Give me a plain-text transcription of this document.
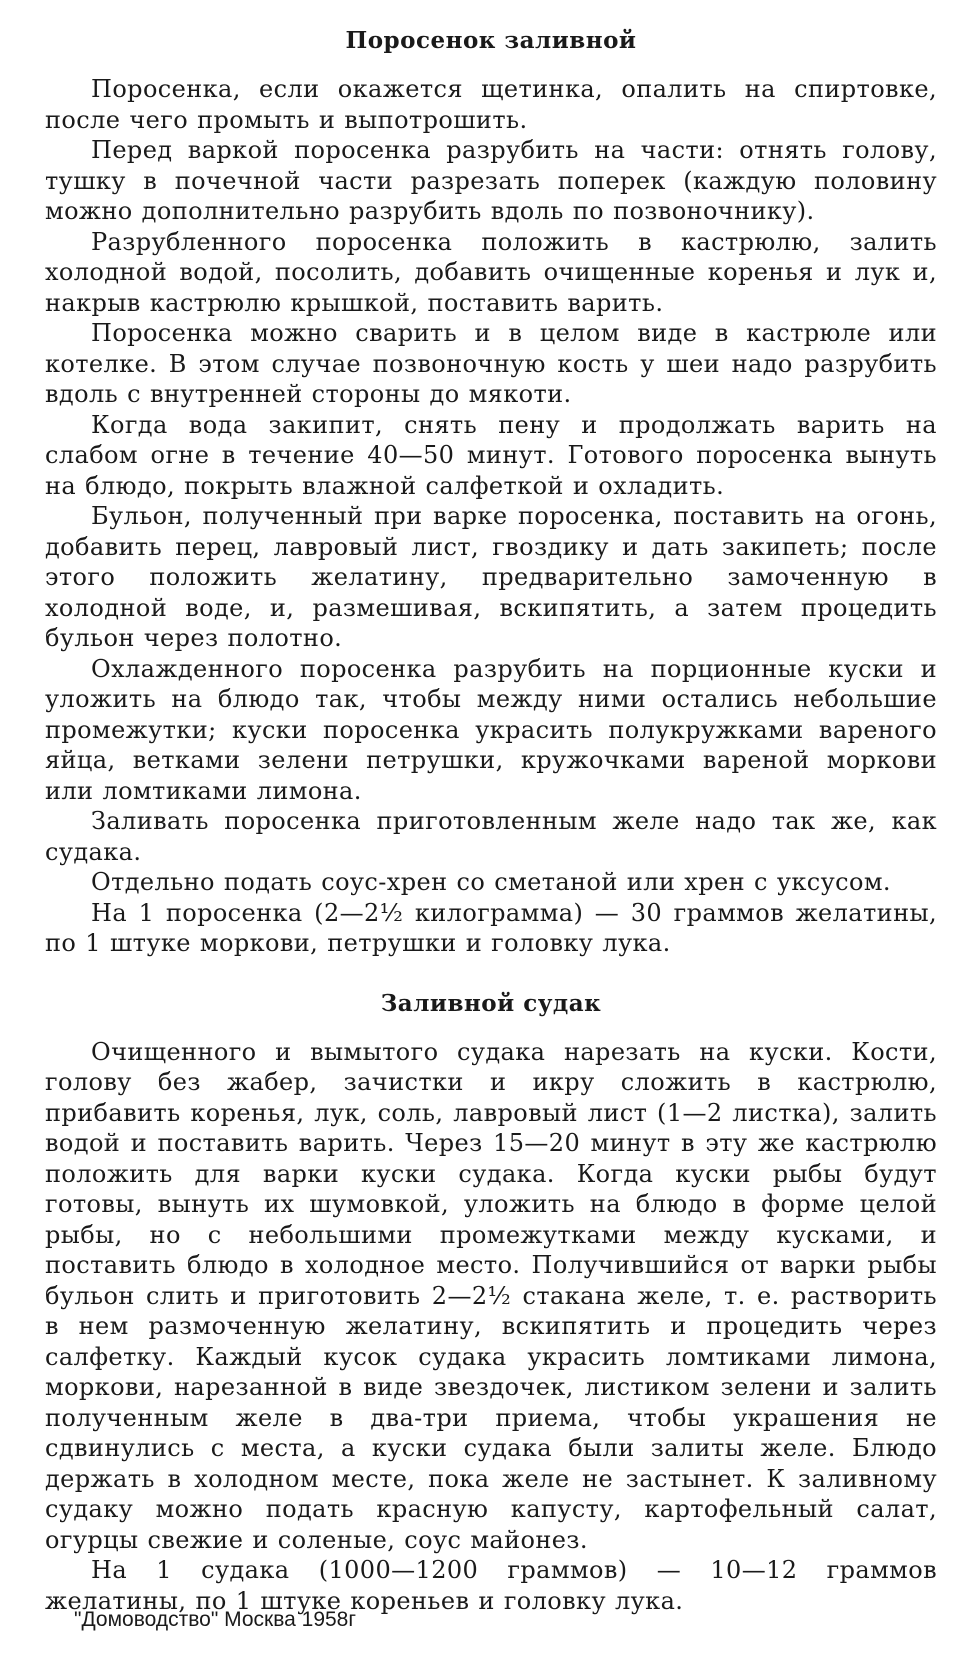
Поросенок заливной

Поросенка, если окажется щетинка, опалить на спиртовке, после чего промыть и выпотрошить.

Перед варкой поросенка разрубить на части: отнять голову, тушку в почечной части разрезать поперек (каждую половину можно дополнительно разрубить вдоль по позвоночнику).

Разрубленного поросенка положить в кастрюлю, залить холодной водой, посолить, добавить очищенные коренья и лук и, накрыв кастрюлю крышкой, поставить варить.

Поросенка можно сварить и в целом виде в кастрюле или котелке. В этом случае позвоночную кость у шеи надо разрубить вдоль с внутренней стороны до мякоти.

Когда вода закипит, снять пену и продолжать варить на слабом огне в течение 40—50 минут. Готового поросенка вынуть на блюдо, покрыть влажной салфеткой и охладить.

Бульон, полученный при варке поросенка, поставить на огонь, добавить перец, лавровый лист, гвоздику и дать закипеть; после этого положить желатину, предварительно замоченную в холодной воде, и, размешивая, вскипятить, а затем процедить бульон через полотно.

Охлажденного поросенка разрубить на порционные куски и уложить на блюдо так, чтобы между ними остались небольшие промежутки; куски поросенка украсить полукружками вареного яйца, ветками зелени петрушки, кружочками вареной моркови или ломтиками лимона.

Заливать поросенка приготовленным желе надо так же, как судака.

Отдельно подать соус-хрен со сметаной или хрен с уксусом.

На 1 поросенка (2—2½ килограмма) — 30 граммов желатины, по 1 штуке моркови, петрушки и головку лука.

Заливной судак

Очищенного и вымытого судака нарезать на куски. Кости, голову без жабер, зачистки и икру сложить в кастрюлю, прибавить коренья, лук, соль, лавровый лист (1—2 листка), залить водой и поставить варить. Через 15—20 минут в эту же кастрюлю положить для варки куски судака. Когда куски рыбы будут готовы, вынуть их шумовкой, уложить на блюдо в форме целой рыбы, но с небольшими промежутками между кусками, и поставить блюдо в холодное место. Получившийся от варки рыбы бульон слить и приготовить 2—2½ стакана желе, т. е. растворить в нем размоченную желатину, вскипятить и процедить через салфетку. Каждый кусок судака украсить ломтиками лимона, моркови, нарезанной в виде звездочек, листиком зелени и залить полученным желе в два-три приема, чтобы украшения не сдвинулись с места, а куски судака были залиты желе. Блюдо держать в холодном месте, пока желе не застынет. К заливному судаку можно подать красную капусту, картофельный салат, огурцы свежие и соленые, соус майонез.

На 1 судака (1000—1200 граммов) — 10—12 граммов желатины, по 1 штуке кореньев и головку лука.

"Домоводство" Москва 1958г
